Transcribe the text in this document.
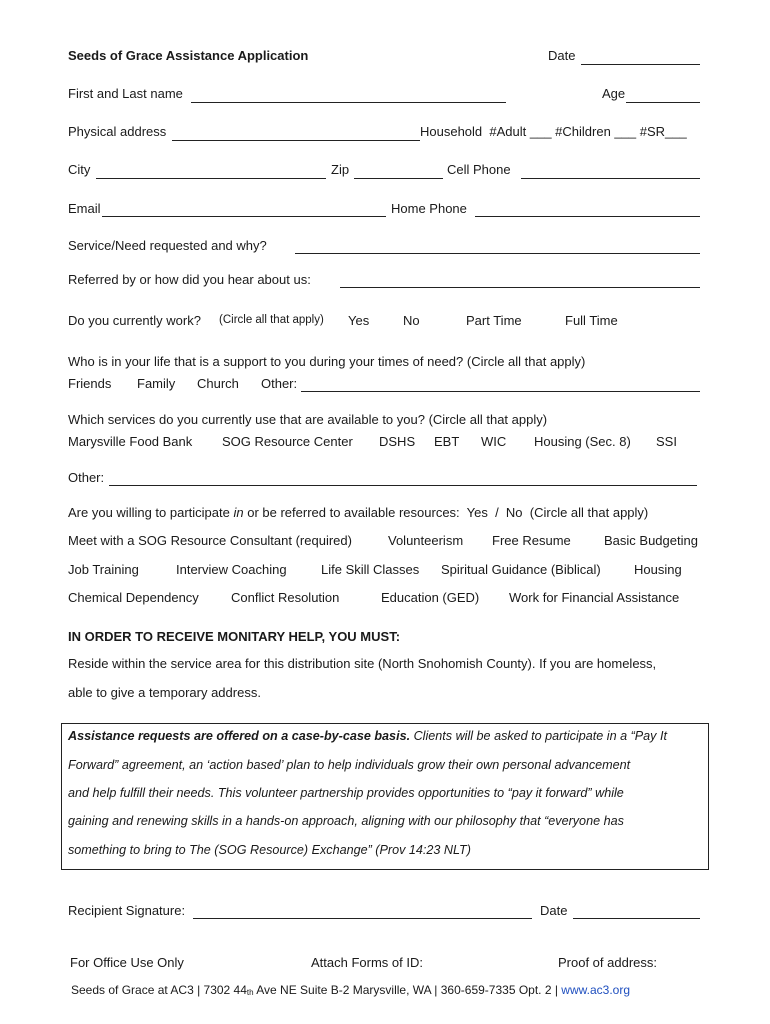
Seeds of Grace Assistance Application	Date
First and Last name	Age
Physical address	Household  #Adult ___ #Children ___ #SR___
City	Zip	Cell Phone
Email	Home Phone
Service/Need requested and why?
Referred by or how did you hear about us:
Do you currently work? (Circle all that apply) Yes	No	Part Time	Full Time
Who is in your life that is a support to you during your times of need? (Circle all that apply)
Friends Family Church Other:
Which services do you currently use that are available to you? (Circle all that apply)
Marysville Food Bank SOG Resource Center DSHS EBT WIC Housing (Sec. 8) SSI
Other:
Are you willing to participate in or be referred to available resources:  Yes  /  No  (Circle all that apply)
Meet with a SOG Resource Consultant (required)	Volunteerism Free Resume	Basic Budgeting
Job Training	Interview Coaching	Life Skill Classes Spiritual Guidance (Biblical)	Housing
Chemical Dependency Conflict Resolution	Education (GED) Work for Financial Assistance
IN ORDER TO RECEIVE MONITARY HELP, YOU MUST:
Reside within the service area for this distribution site (North Snohomish County). If you are homeless,
able to give a temporary address.
Assistance requests are offered on a case-by-case basis. Clients will be asked to participate in a “Pay It
Forward” agreement, an ‘action based’ plan to help individuals grow their own personal advancement
and help fulfill their needs. This volunteer partnership provides opportunities to “pay it forward” while
gaining and renewing skills in a hands-on approach, aligning with our philosophy that “everyone has
something to bring to The (SOG Resource) Exchange” (Prov 14:23 NLT)
Recipient Signature:	Date
For Office Use Only	Attach Forms of ID:	Proof of address:
Seeds of Grace at AC3 | 7302 $44_{th}$ Ave NE Suite B-2 Marysville, WA | 360-659-7335 Opt. 2 | www.ac3.org
